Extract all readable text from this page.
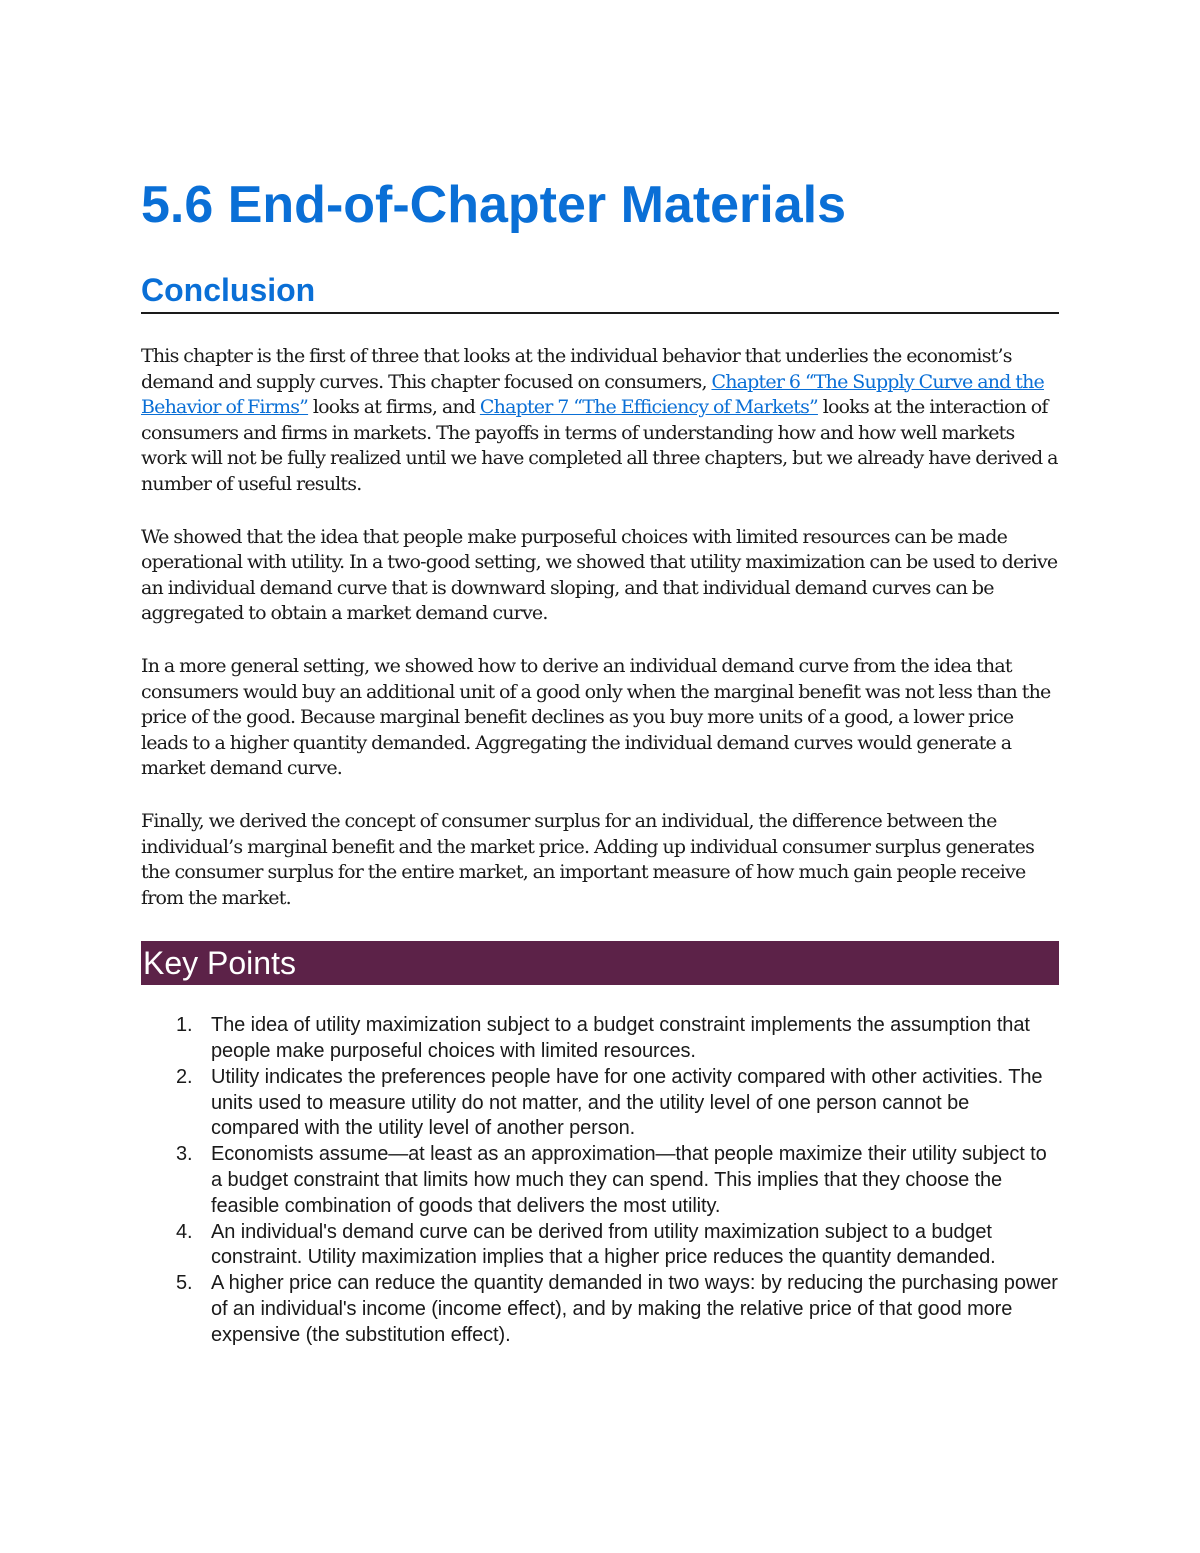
5.6 End-of-Chapter Materials
Conclusion

This chapter is the first of three that looks at the individual behavior that underlies the economist’s demand and supply curves. This chapter focused on consumers, Chapter 6 “The Supply Curve and the Behavior of Firms” looks at firms, and Chapter 7 “The Efficiency of Markets” looks at the interaction of consumers and firms in markets. The payoffs in terms of understanding how and how well markets work will not be fully realized until we have completed all three chapters, but we already have derived a number of useful results.

We showed that the idea that people make purposeful choices with limited resources can be made operational with utility. In a two-good setting, we showed that utility maximization can be used to derive an individual demand curve that is downward sloping, and that individual demand curves can be aggregated to obtain a market demand curve.

In a more general setting, we showed how to derive an individual demand curve from the idea that consumers would buy an additional unit of a good only when the marginal benefit was not less than the price of the good. Because marginal benefit declines as you buy more units of a good, a lower price leads to a higher quantity demanded. Aggregating the individual demand curves would generate a market demand curve.

Finally, we derived the concept of consumer surplus for an individual, the difference between the individual’s marginal benefit and the market price. Adding up individual consumer surplus generates the consumer surplus for the entire market, an important measure of how much gain people receive from the market.

Key Points
1. The idea of utility maximization subject to a budget constraint implements the assumption that people make purposeful choices with limited resources.
2. Utility indicates the preferences people have for one activity compared with other activities. The units used to measure utility do not matter, and the utility level of one person cannot be compared with the utility level of another person.
3. Economists assume—at least as an approximation—that people maximize their utility subject to a budget constraint that limits how much they can spend. This implies that they choose the feasible combination of goods that delivers the most utility.
4. An individual's demand curve can be derived from utility maximization subject to a budget constraint. Utility maximization implies that a higher price reduces the quantity demanded.
5. A higher price can reduce the quantity demanded in two ways: by reducing the purchasing power of an individual's income (income effect), and by making the relative price of that good more expensive (the substitution effect).
